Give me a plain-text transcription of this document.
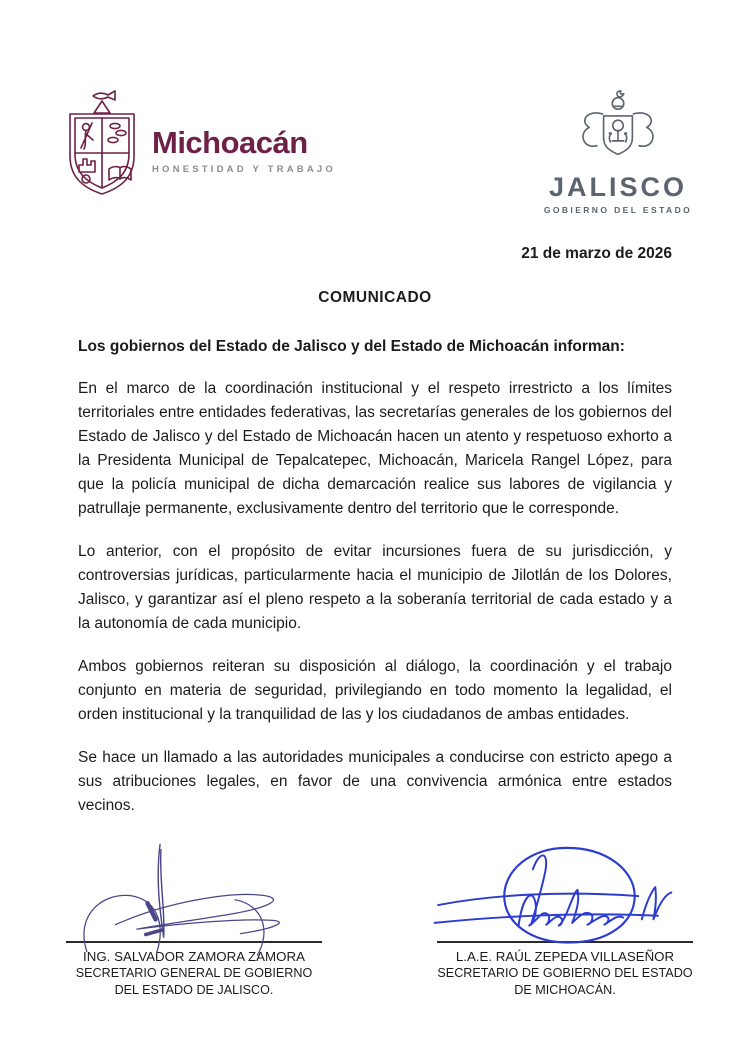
Michoacán
HONESTIDAD Y TRABAJO
JALISCO
GOBIERNO DEL ESTADO
21 de marzo de 2026
COMUNICADO
Los gobiernos del Estado de Jalisco y del Estado de Michoacán informan:

En el marco de la coordinación institucional y el respeto irrestricto a los límites territoriales entre entidades federativas, las secretarías generales de los gobiernos del Estado de Jalisco y del Estado de Michoacán hacen un atento y respetuoso exhorto a la Presidenta Municipal de Tepalcatepec, Michoacán, Maricela Rangel López, para que la policía municipal de dicha demarcación realice sus labores de vigilancia y patrullaje permanente, exclusivamente dentro del territorio que le corresponde.

Lo anterior, con el propósito de evitar incursiones fuera de su jurisdicción, y controversias jurídicas, particularmente hacia el municipio de Jilotlán de los Dolores, Jalisco, y garantizar así el pleno respeto a la soberanía territorial de cada estado y a la autonomía de cada municipio.

Ambos gobiernos reiteran su disposición al diálogo, la coordinación y el trabajo conjunto en materia de seguridad, privilegiando en todo momento la legalidad, el orden institucional y la tranquilidad de las y los ciudadanos de ambas entidades.

Se hace un llamado a las autoridades municipales a conducirse con estricto apego a sus atribuciones legales, en favor de una convivencia armónica entre estados vecinos.

ING. SALVADOR ZAMORA ZAMORA
SECRETARIO GENERAL DE GOBIERNO
DEL ESTADO DE JALISCO.
L.A.E. RAÚL ZEPEDA VILLASEÑOR
SECRETARIO DE GOBIERNO DEL ESTADO
DE MICHOACÁN.
